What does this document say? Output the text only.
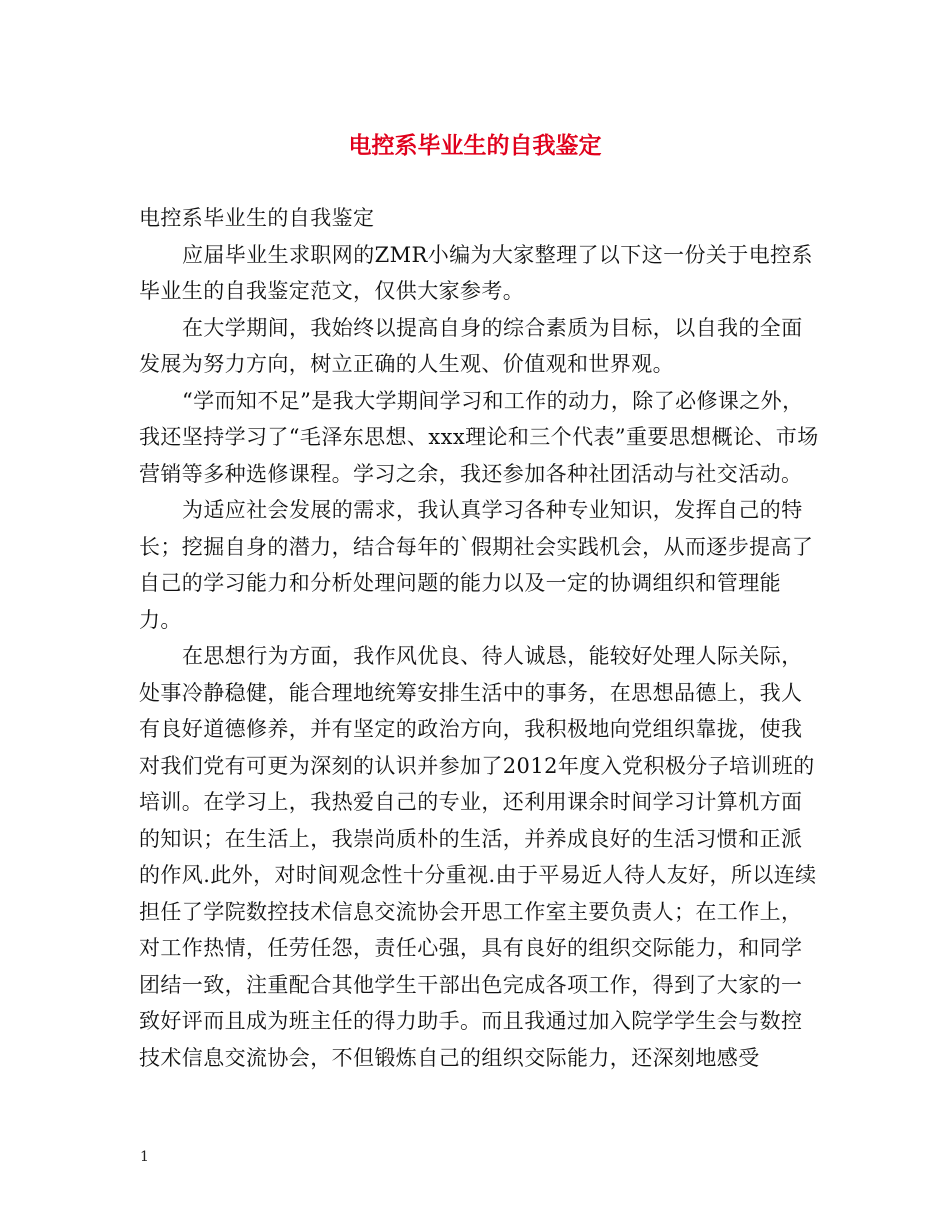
电控系毕业生的自我鉴定

电控系毕业生的自我鉴定

应届毕业生求职网的ZMR小编为大家整理了以下这一份关于电控系毕业生的自我鉴定范文，仅供大家参考。

在大学期间，我始终以提高自身的综合素质为目标，以自我的全面发展为努力方向，树立正确的人生观、价值观和世界观。

“学而知不足”是我大学期间学习和工作的动力，除了必修课之外，我还坚持学习了“毛泽东思想、xxx理论和三个代表”重要思想概论、市场营销等多种选修课程。学习之余，我还参加各种社团活动与社交活动。

为适应社会发展的需求，我认真学习各种专业知识，发挥自己的特长；挖掘自身的潜力，结合每年的`假期社会实践机会，从而逐步提高了自己的学习能力和分析处理问题的能力以及一定的协调组织和管理能力。

在思想行为方面，我作风优良、待人诚恳，能较好处理人际关际，处事冷静稳健，能合理地统筹安排生活中的事务，在思想品德上，我人有良好道德修养，并有坚定的政治方向，我积极地向党组织靠拢，使我对我们党有可更为深刻的认识并参加了2012年度入党积极分子培训班的培训。在学习上，我热爱自己的专业，还利用课余时间学习计算机方面的知识；在生活上，我崇尚质朴的生活，并养成良好的生活习惯和正派的作风.此外，对时间观念性十分重视.由于平易近人待人友好，所以连续担任了学院数控技术信息交流协会开思工作室主要负责人；在工作上，对工作热情，任劳任怨，责任心强，具有良好的组织交际能力，和同学团结一致，注重配合其他学生干部出色完成各项工作，得到了大家的一致好评而且成为班主任的得力助手。而且我通过加入院学学生会与数控技术信息交流协会，不但锻炼自己的组织交际能力，还深刻地感受

1
